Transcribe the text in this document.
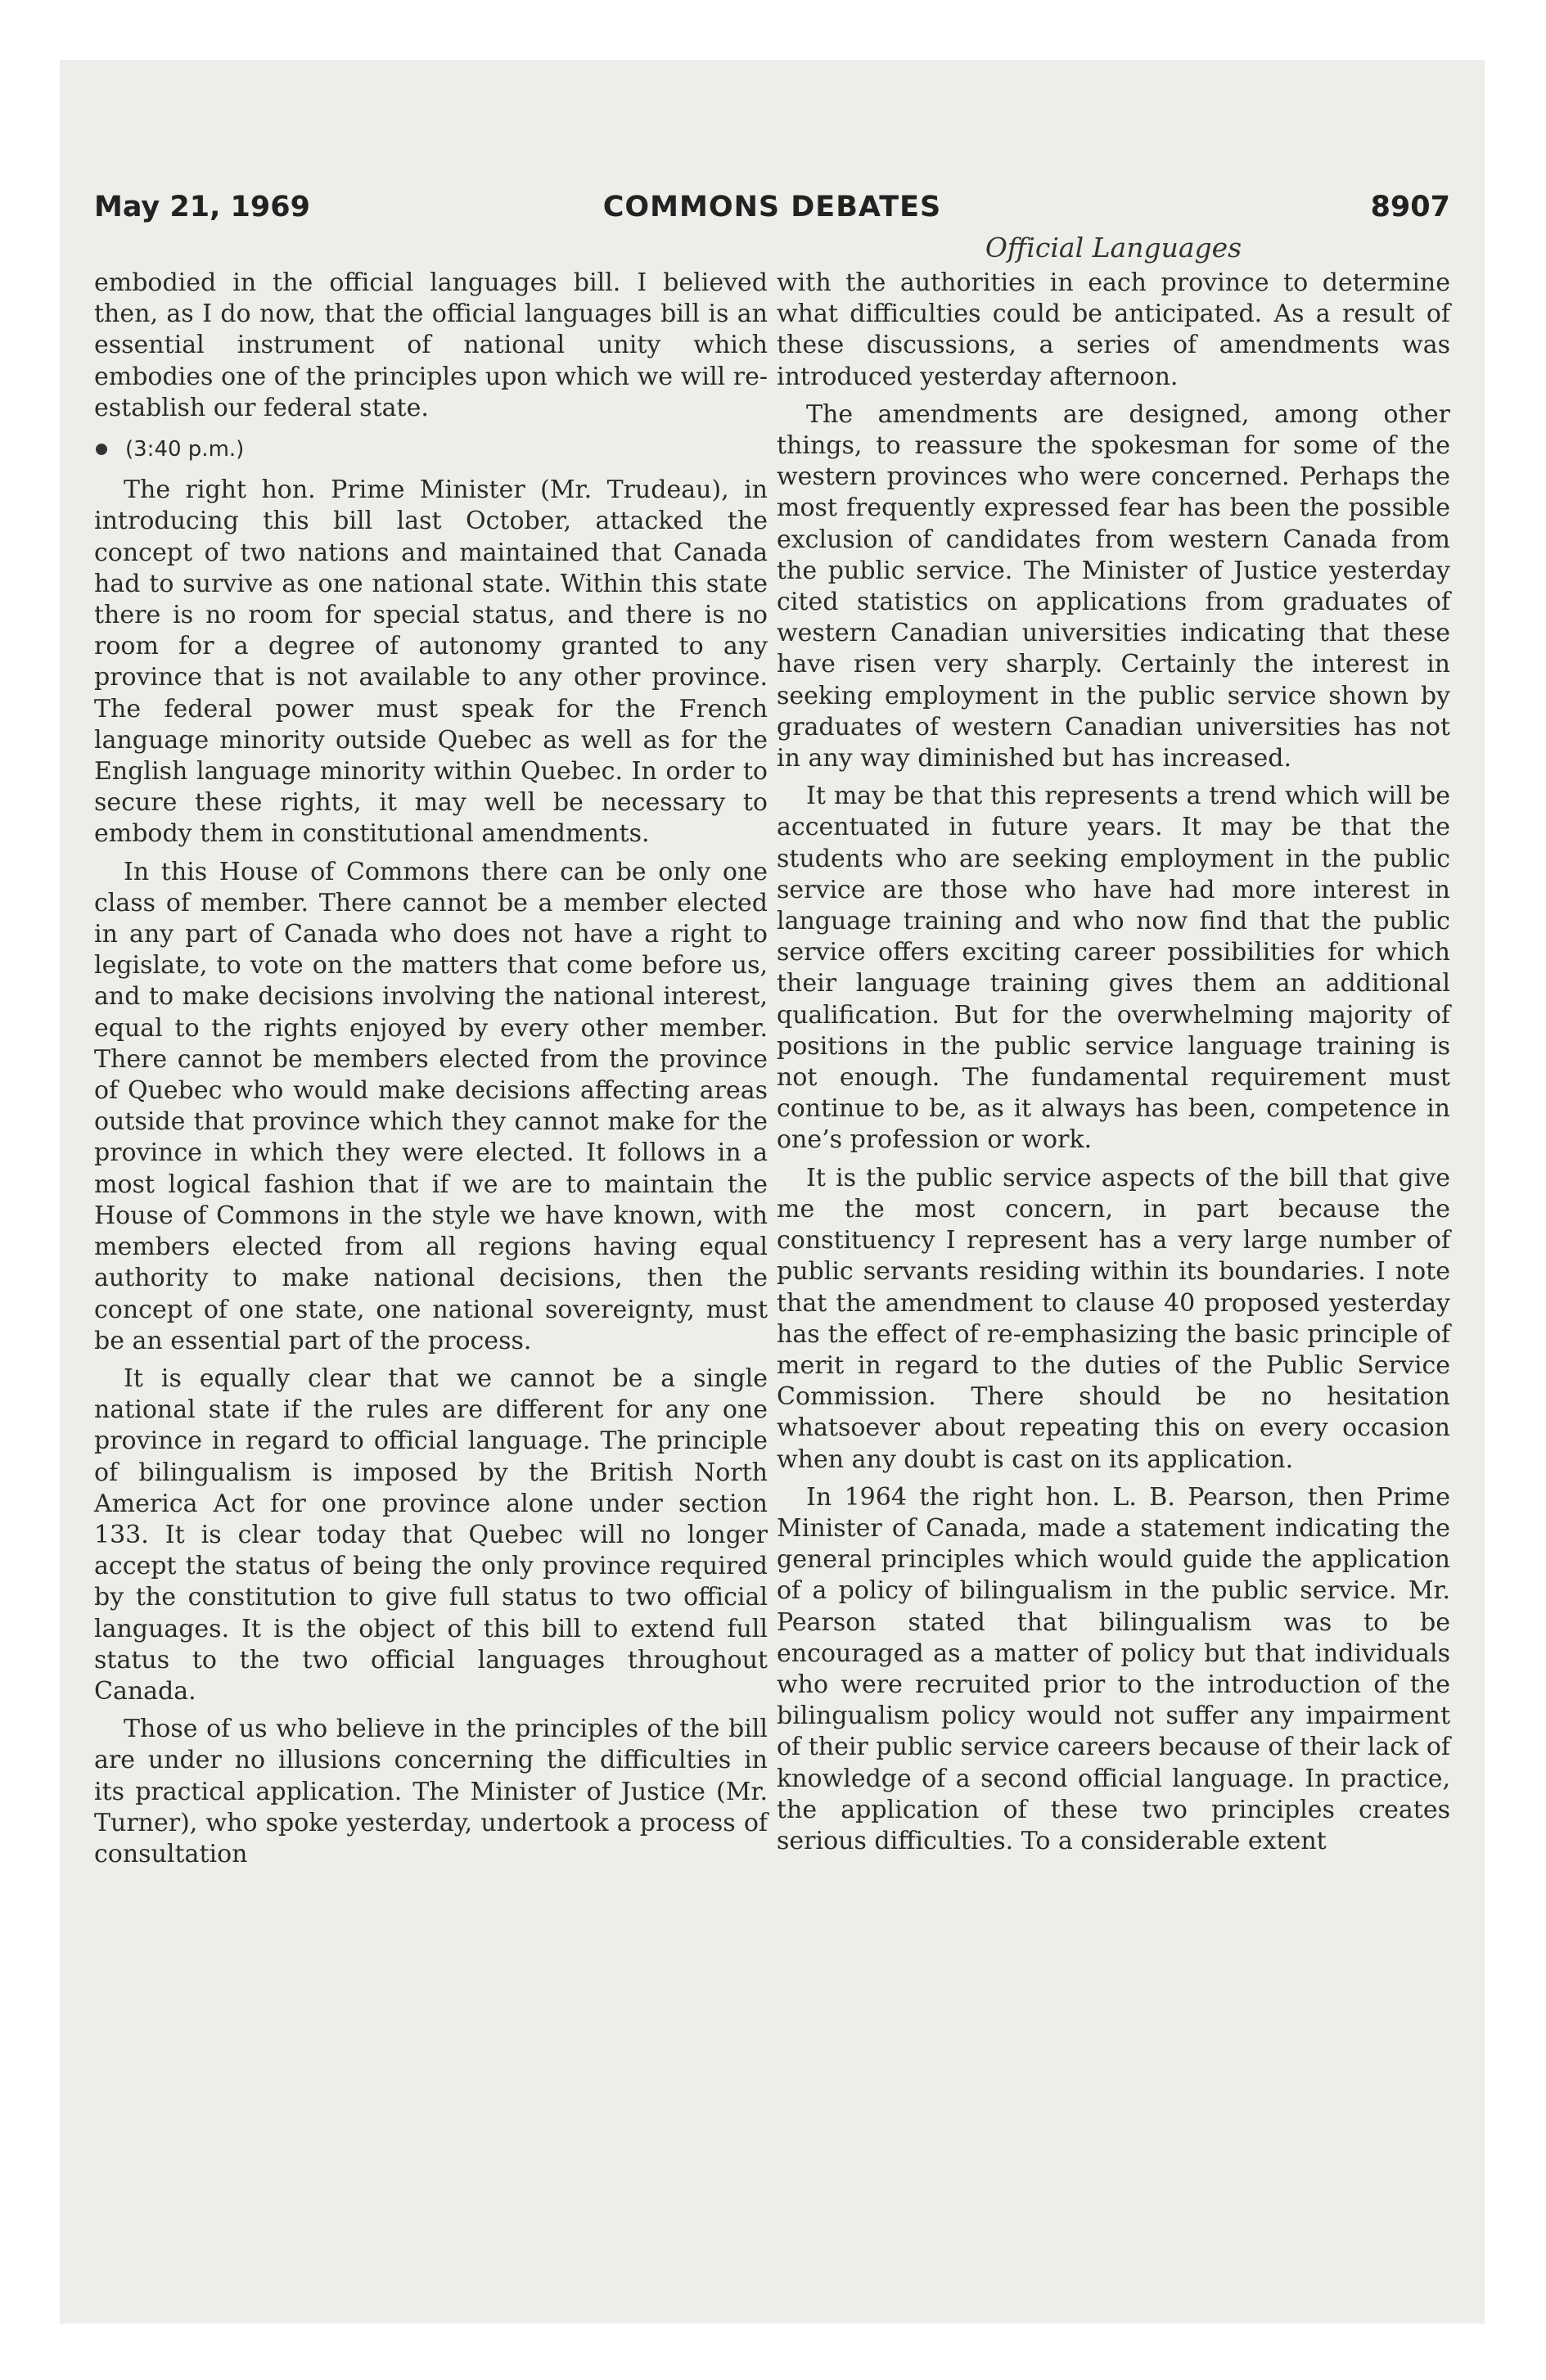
May 21, 1969	COMMONS DEBATES	8907
Official Languages

embodied in the official languages bill. I believed then, as I do now, that the official languages bill is an essential instrument of national unity which embodies one of the principles upon which we will re-establish our federal state.

(3:40 p.m.)

The right hon. Prime Minister (Mr. Trudeau), in introducing this bill last October, attacked the concept of two nations and maintained that Canada had to survive as one national state. Within this state there is no room for special status, and there is no room for a degree of autonomy granted to any province that is not available to any other province. The federal power must speak for the French language minority outside Quebec as well as for the English language minority within Quebec. In order to secure these rights, it may well be necessary to embody them in constitutional amendments.

In this House of Commons there can be only one class of member. There cannot be a member elected in any part of Canada who does not have a right to legislate, to vote on the matters that come before us, and to make decisions involving the national interest, equal to the rights enjoyed by every other member. There cannot be members elected from the province of Quebec who would make decisions affecting areas outside that province which they cannot make for the province in which they were elected. It follows in a most logical fashion that if we are to maintain the House of Commons in the style we have known, with members elected from all regions having equal authority to make national decisions, then the concept of one state, one national sovereignty, must be an essential part of the process.

It is equally clear that we cannot be a single national state if the rules are different for any one province in regard to official language. The principle of bilingualism is imposed by the British North America Act for one province alone under section 133. It is clear today that Quebec will no longer accept the status of being the only province required by the constitution to give full status to two official languages. It is the object of this bill to extend full status to the two official languages throughout Canada.

Those of us who believe in the principles of the bill are under no illusions concerning the difficulties in its practical application. The Minister of Justice (Mr. Turner), who spoke yesterday, undertook a process of consultation

with the authorities in each province to determine what difficulties could be anticipated. As a result of these discussions, a series of amendments was introduced yesterday afternoon.

The amendments are designed, among other things, to reassure the spokesman for some of the western provinces who were concerned. Perhaps the most frequently expressed fear has been the possible exclusion of candidates from western Canada from the public service. The Minister of Justice yesterday cited statistics on applications from graduates of western Canadian universities indicating that these have risen very sharply. Certainly the interest in seeking employment in the public service shown by graduates of western Canadian universities has not in any way diminished but has increased.

It may be that this represents a trend which will be accentuated in future years. It may be that the students who are seeking employment in the public service are those who have had more interest in language training and who now find that the public service offers exciting career possibilities for which their language training gives them an additional qualification. But for the overwhelming majority of positions in the public service language training is not enough. The fundamental requirement must continue to be, as it always has been, competence in one’s profession or work.

It is the public service aspects of the bill that give me the most concern, in part because the constituency I represent has a very large number of public servants residing within its boundaries. I note that the amendment to clause 40 proposed yesterday has the effect of re-emphasizing the basic principle of merit in regard to the duties of the Public Service Commission. There should be no hesitation whatsoever about repeating this on every occasion when any doubt is cast on its application.

In 1964 the right hon. L. B. Pearson, then Prime Minister of Canada, made a statement indicating the general principles which would guide the application of a policy of bilingualism in the public service. Mr. Pearson stated that bilingualism was to be encouraged as a matter of policy but that individuals who were recruited prior to the introduction of the bilingualism policy would not suffer any impairment of their public service careers because of their lack of knowledge of a second official language. In practice, the application of these two principles creates serious difficulties. To a considerable extent
